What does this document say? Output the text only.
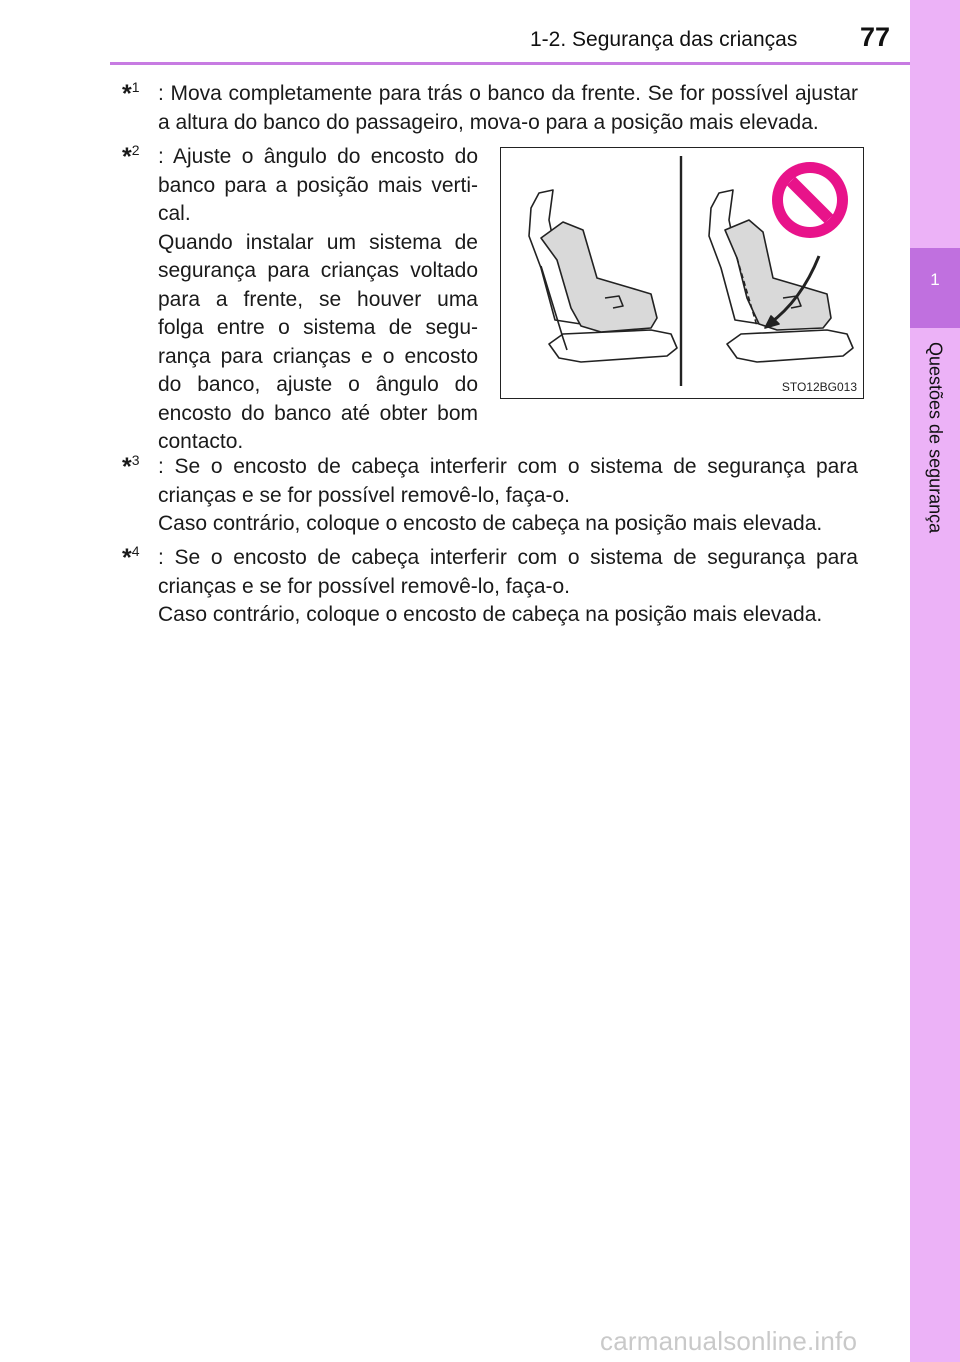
1-2. Segurança das crianças 77
1
Questões de segurança
*$^1$ : Mova completamente para trás o banco da frente. Se for possível ajustar a altura do banco do passageiro, mova-o para a posição mais elevada.

*$^2$ : Ajuste o ângulo do encosto do banco para a posição mais verti-cal.

Quando instalar um sistema de segurança para crianças voltado para a frente, se houver uma folga entre o sistema de segu-rança para crianças e o encosto do banco, ajuste o ângulo do encosto do banco até obter bom contacto.

STO12BG013
*$^3$ : Se o encosto de cabeça interferir com o sistema de segurança para crianças e se for possível removê-lo, faça-o.

Caso contrário, coloque o encosto de cabeça na posição mais elevada.

*$^4$ : Se o encosto de cabeça interferir com o sistema de segurança para crianças e se for possível removê-lo, faça-o.

Caso contrário, coloque o encosto de cabeça na posição mais elevada.

carmanualsonline.info
